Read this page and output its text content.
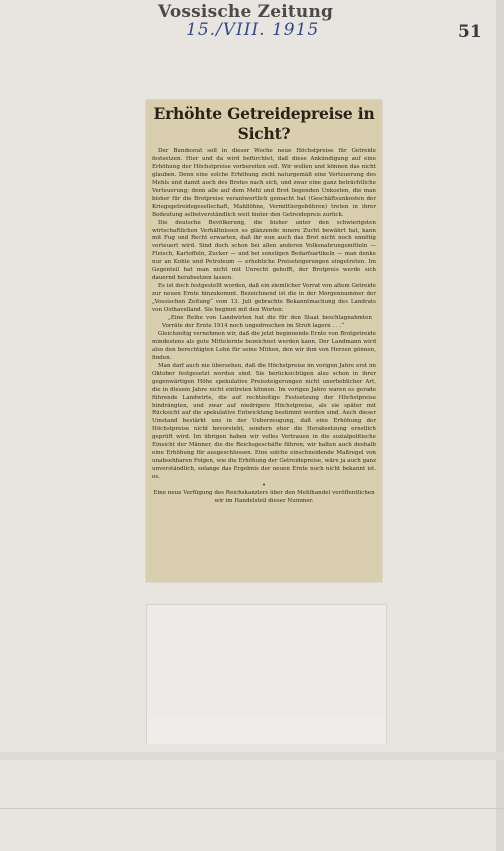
Vossische Zeitung
15./VIII. 1915	51
Erhöhte Getreidepreise in Sicht?

Der Bundesrat soll in dieser Woche neue Höchstpreise für Getreide festsetzen. Hier und da wird befürchtet, daß diese Ankündigung auf eine Erhöhung der Höchstpreise vorbereiten soll. Wir wollen und können das nicht glauben. Denn eine solche Erhöhung zieht naturgemäß eine Verteuerung des Mehls und damit auch des Brotes nach sich, und zwar eine ganz beträchtliche Verteuerung; denn alle auf dem Mehl und Brot liegenden Unkosten, die man bisher für die Brotpreise verantwortlich gemacht hat (Geschäftsunkosten der Kriegsgetreidegesellschaft, Mahllöhne, Vermittlergebühren) treten in ihrer Bedeutung selbstverständlich weit hinter den Getreidepreis zurück.

Die deutsche Bevölkerung, die bisher unter den schwierigsten wirtschaftlichen Verhältnissen so glänzende innere Zucht bewährt hat, kann mit Fug und Recht erwarten, daß ihr nun auch das Brot nicht noch unnötig verteuert wird. Sind doch schon bei allen anderen Volksnahrungsmitteln — Fleisch, Kartoffeln, Zucker — und bei sonstigen Bedarfsartikeln — man denke nur an Kohle und Petroleum — erhebliche Preissteigerungen eingetreten. Im Gegenteil hat man nicht mit Unrecht gehofft, der Brotpreis werde sich dauernd herabsetzen lassen.

Es ist doch festgestellt worden, daß ein ziemlicher Vorrat von altem Getreide zur neuen Ernte hinzukommt. Bezeichnend ist die in der Morgennummer der „Vossischen Zeitung“ vom 13. Juli gebrachte Bekanntmachung des Landrats von Osthavelland. Sie beginnt mit den Worten:

„Eine Reihe von Landwirten hat die für den Staat beschlagnahmten Vorräte der Ernte 1914 noch ungedroschen im Stroh lagern . . .“

Gleichzeitig vernehmen wir, daß die jetzt beginnende Ernte von Brotgetreide mindestens als gute Mittelernte bezeichnet werden kann. Der Landmann wird also den berechtigten Lohn für seine Mühen, den wir ihm von Herzen gönnen, finden.

Man darf auch nie übersehen, daß die Höchstpreise im vorigen Jahre erst im Oktober festgesetzt worden sind. Sie berücksichtigen also schon in ihrer gegenwärtigen Höhe spekulative Preissteigerungen nicht unerheblicher Art, die in diesem Jahre nicht eintreten können. Im vorigen Jahre waren es gerade führende Landwirte, die auf rechtzeitige Festsetzung der Höchstpreise hindrängten, und zwar auf niedrigere Höchstpreise, als sie später mit Rücksicht auf die spekulative Entwicklung bestimmt worden sind. Auch dieser Umstand bestärkt uns in der Ueberzeugung, daß eine Erhöhung der Höchstpreise nicht bevorsteht, sondern eher die Herabsetzung ernstlich geprüft wird. Im übrigen haben wir volles Vertrauen in die sozialpolitische Einsicht der Männer, die die Reichsgeschäfte führen; wir halten auch deshalb eine Erhöhung für ausgeschlossen. Eine solche einschneidende Maßregel von unabsehbaren Folgen, wie die Erhöhung der Getreidepreise, wäre ja auch ganz unverständlich, solange das Ergebnis der neuen Ernte noch nicht bekannt ist. os.

•

Eine neue Verfügung des Reichskanzlers über den Mehlhandel veröffentlichen wir im Handelsteil dieser Nummer.
